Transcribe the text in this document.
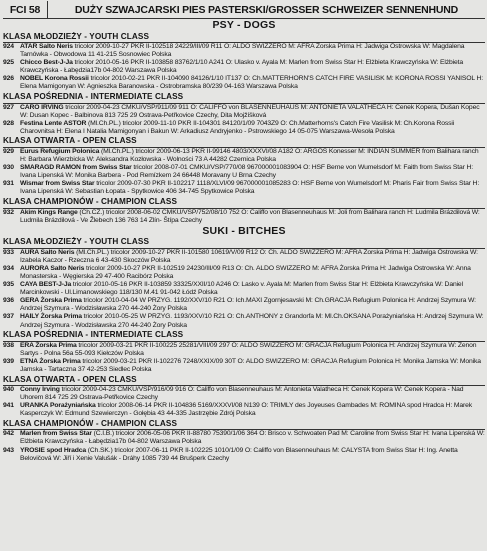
FCI 58	DUŻY SZWAJCARSKI PIES PASTERSKI/GROSSER SCHWEIZER SENNENHUND
PSY - DOGS
KLASA MŁODZIEŻY - YOUTH CLASS
924 ATAR Salto Neris tricolor 2009-10-27 PKR II-102518 24229/III/09 R11 O: ALDO SWIZZERO M: AFRA Żorska Prima H: Jadwiga Ostrowska W: Magdalena Tarnówka - Obwodowa 11 41-215 Sosnowiec Polska
925 Chicco Best-J-Ja tricolor 2010-05-16 PKR II-103858 83762/1/10 A241 O: Ulasko v. Ayala M: Marlen from Swiss Star H: Elżbieta Krawczyńska W: Elżbieta Krawczyńska - Łabędzia17b 04-802 Warszawa Polska
926 NOBEL Korona Rossii tricolor 2010-02-21 PKR II-104090 84126/1/10 IT137 O: Ch.MATTERHORN'S CATCH FIRE VASILISK M: KORONA ROSSI YANISOL H: Elena Mamigonyan W: Agnieszka Baranowska - Ostrobramska 80/239 04-163 Warszawa Polska
KLASA POŚREDNIA - INTERMEDIATE CLASS
927 CARO IRVING tricolor 2009-04-23 CMKU/VSP/911/09 911 O: CALIFFO von BLASENNEUHAUS M: ANTONIETA VALATHECA H: Cenek Kopera, Dušan Kopec W: Dusan Kopec - Balbinova 813 725 29 Ostrava-Petřkovice Czechy, Dita Mojžíšková
928 Festina Lente ASTOR (Ml.Ch.PL.) tricolor 2009-11-10 PKR II-104301 84120/1/09 7043Z9 O: Ch.Matterhorns's Catch Fire Vasilisk M: Ch.Korona Rossii Charovnitsa H: Elena I Natalia Mamigonyan i Bakun W: Arkadiusz Andryjenko - Pstrowskiego 14 05-075 Warszawa-Wesoła Polska
KLASA OTWARTA - OPEN CLASS
929 Eurus Refugium Polonica (Ml.Ch.PL.) tricolor 2009-06-13 PKR II-99146 4803/XXXVI/08 A182 O: ARGOS Konesser M: INDIAN SUMMER from Balihara ranch H: Barbara Wierzbicka W: Aleksandra Kozłowska - Wolności 73 A 44282 Czernica Polska
930 SMARAGD RAMON from Swiss Star tricolor 2008-07-01 CMKU/VSP/770/08 967000001083904 O: HSF Berne von Wumelsdorf M: Faith from Swiss Star H: Ivana Lipenská W: Monika Barbera - Pod Remízkem 24 66448 Moravany U Brna Czechy
931 Wismar from Swiss Star tricolor 2009-07-30 PKR II-102217 1118/XLVI/09 967000001085283 O: HSF Berne von Wumelsdorf M: Pharis Fair from Swiss Star H: Ivana Lipenská W: Sebastian Łopata - Spytkowice 406 34-745 Spytkowice Polska
KLASA CHAMPIONÓW - CHAMPION CLASS
932 Akim Kings Range (Ch.CZ.) tricolor 2008-06-02 CMKU/VSP/752/08/10 752 O: Califfo von Blasenneuhaus M: Joli from Balihara ranch H: Ludmila Brázdilová W: Ludmila Brázdilová - Ve Žlebech 136 763 14 Zlín- Štípa Czechy
SUKI - BITCHES
KLASA MŁODZIEŻY - YOUTH CLASS
933 AURA Salto Neris (Ml.Ch.PL.) tricolor 2009-10-27 PKR II-101580 10619/V/09 R12 O: Ch. ALDO SWIZZERO M: AFRA Żorska Prima H: Jadwiga Ostrowska W: Izabela Kaczor - Rzeczna 6 43-430 Skoczów Polska
934 AURORA Salto Neris tricolor 2009-10-27 PKR II-102519 24230/III/09 R13 O: Ch. ALDO SWIZZERO M: AFRA Żorska Prima H: Jadwiga Ostrowska W: Anna Monasterska - Węgierska 29 47-400 Racibórz Polska
935 CAYA BEST-J-Ja tricolor 2010-05-16 PKR II-103859 33325/XXII/10 A246 O: Lasko v. Ayala M: Marlen from Swiss Star H: Elżbieta Krawczyńska W: Daniel Marcinkowski - Ul.Limanowskiego 118/130 M.41 91-042 Łódź Polska
936 GERA Żorska Prima tricolor 2010-04-04 W PRZYG. 1192/XXV/10 R21 O: Ich.MAXI Zgornjesavski M: Ch.GRACJA Refugium Polonica H: Andrzej Szymura W: Andrzej Szymura - Wodzisławska 270 44-240 Żory Polska
937 HAILY Żorska Prima tricolor 2010-05-25 W PRZYG. 1193/XXV/10 R21 O: Ch.ANTHONY z Grandorfa M: Ml.Ch.OKSANA Porażyniańska H: Andrzej Szymura W: Andrzej Szymura - Wodzisławska 270 44-240 Żory Polska
KLASA POŚREDNIA - INTERMEDIATE CLASS
938 ERA Żorska Prima tricolor 2009-03-21 PKR II-100225 25281/VIII/09 297 O: ALDO SWIZZERO M: GRACJA Refugium Polonica H: Andrzej Szymura W: Zenon Sartys - Polna 56a 55-093 Kiełczów Polska
939 ETNA Żorska Prima tricolor 2009-03-21 PKR II-102276 7248/XXIX/09 30T O: ALDO SWIZZERO M: GRACJA Refugium Polonica H: Monika Jamska W: Monika Jamska - Tartaczna 37 42-253 Siedlec Polska
KLASA OTWARTA - OPEN CLASS
940 Conny Irving tricolor 2009-04-23 CMKU/VSP/916/09 916 O: Califfo von Blasenneuhaus M: Antonieta Valatheca H: Cenek Kopera W: Cenek Kopera - Nad Uhorem 814 725 29 Ostrava-Petřkovice Czechy
941 URANKA Porażyniańska tricolor 2008-06-14 PKR II-104836 5169/XXXVI/08 N139 O: TRIMLY des Joyeuses Gambades M: ROMINA spod Hradca H: Marek Kasperczyk W: Edmund Szewierczyn - Gołębia 43 44-335 Jastrzębie Zdrój Polska
KLASA CHAMPIONÓW - CHAMPION CLASS
942 Marlen from Swiss Star (C.I.B.) tricolor 2006-05-06 PKR II-88780 75390/1/06 364 O: Brisco v. Schwoaten Pad M: Caroline from Swiss Star H: Ivana Lipenská W: Elżbieta Krawczyńska - Łabędzia17b 04-802 Warszawa Polska
943 YROSIE spod Hradca (Ch.SK.) tricolor 2007-06-11 PKR II-102225 1010/1/09 O: Califfo von Blasenneuhaus M: CALYSTA from Swiss Star H: Ing. Anetta Belovičová W: Jiří i Xenie Valušák - Dráhy 1085 739 44 Brušperk Czechy
